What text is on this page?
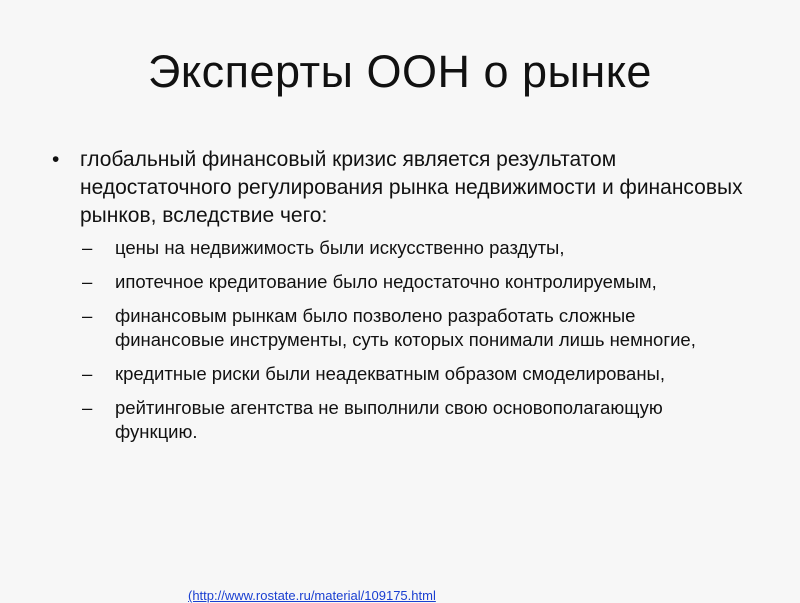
Эксперты ООН о рынке

• глобальный финансовый кризис является результатом недостаточного регулирования рынка недвижимости и финансовых рынков, вследствие чего:

– цены на недвижимость были искусственно раздуты,
– ипотечное кредитование было недостаточно контролируемым,
– финансовым рынкам было позволено разработать сложные финансовые инструменты, суть которых понимали лишь немногие,
– кредитные риски были неадекватным образом смоделированы,
– рейтинговые агентства не выполнили свою основополагающую функцию.
(http://www.rostate.ru/material/109175.html
